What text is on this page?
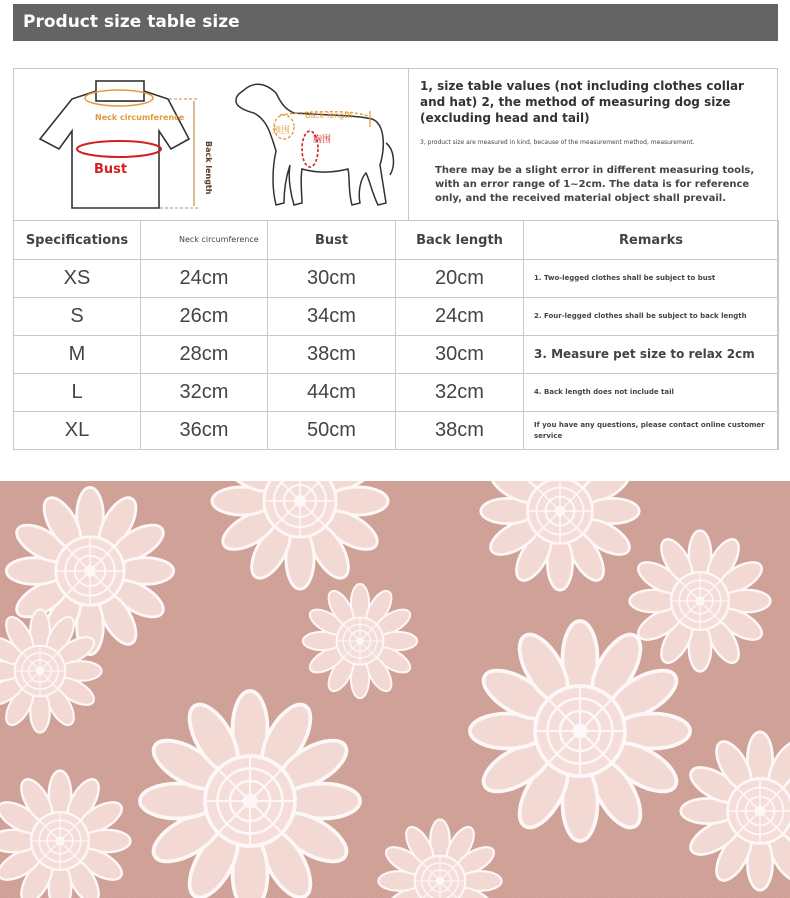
Product size table size
Neck circumference
Bust	Back length
Back length
颈围
胸围
1, size table values (not including clothes collar and hat) 2, the method of measuring dog size (excluding head and tail)
3, product size are measured in kind, because of the measurement method, measurement.
There may be a slight error in different measuring tools, with an error range of 1~2cm. The data is for reference only, and the received material object shall prevail.
Specifications	Neck circumference	Bust	Back length	Remarks
XS	24cm	30cm	20cm	1. Two-legged clothes shall be subject to bust
S	26cm	34cm	24cm	2. Four-legged clothes shall be subject to back length
M	28cm	38cm	30cm	3. Measure pet size to relax 2cm
L	32cm	44cm	32cm	4. Back length does not include tail
XL	36cm	50cm	38cm	If you have any questions, please contact online customer service
